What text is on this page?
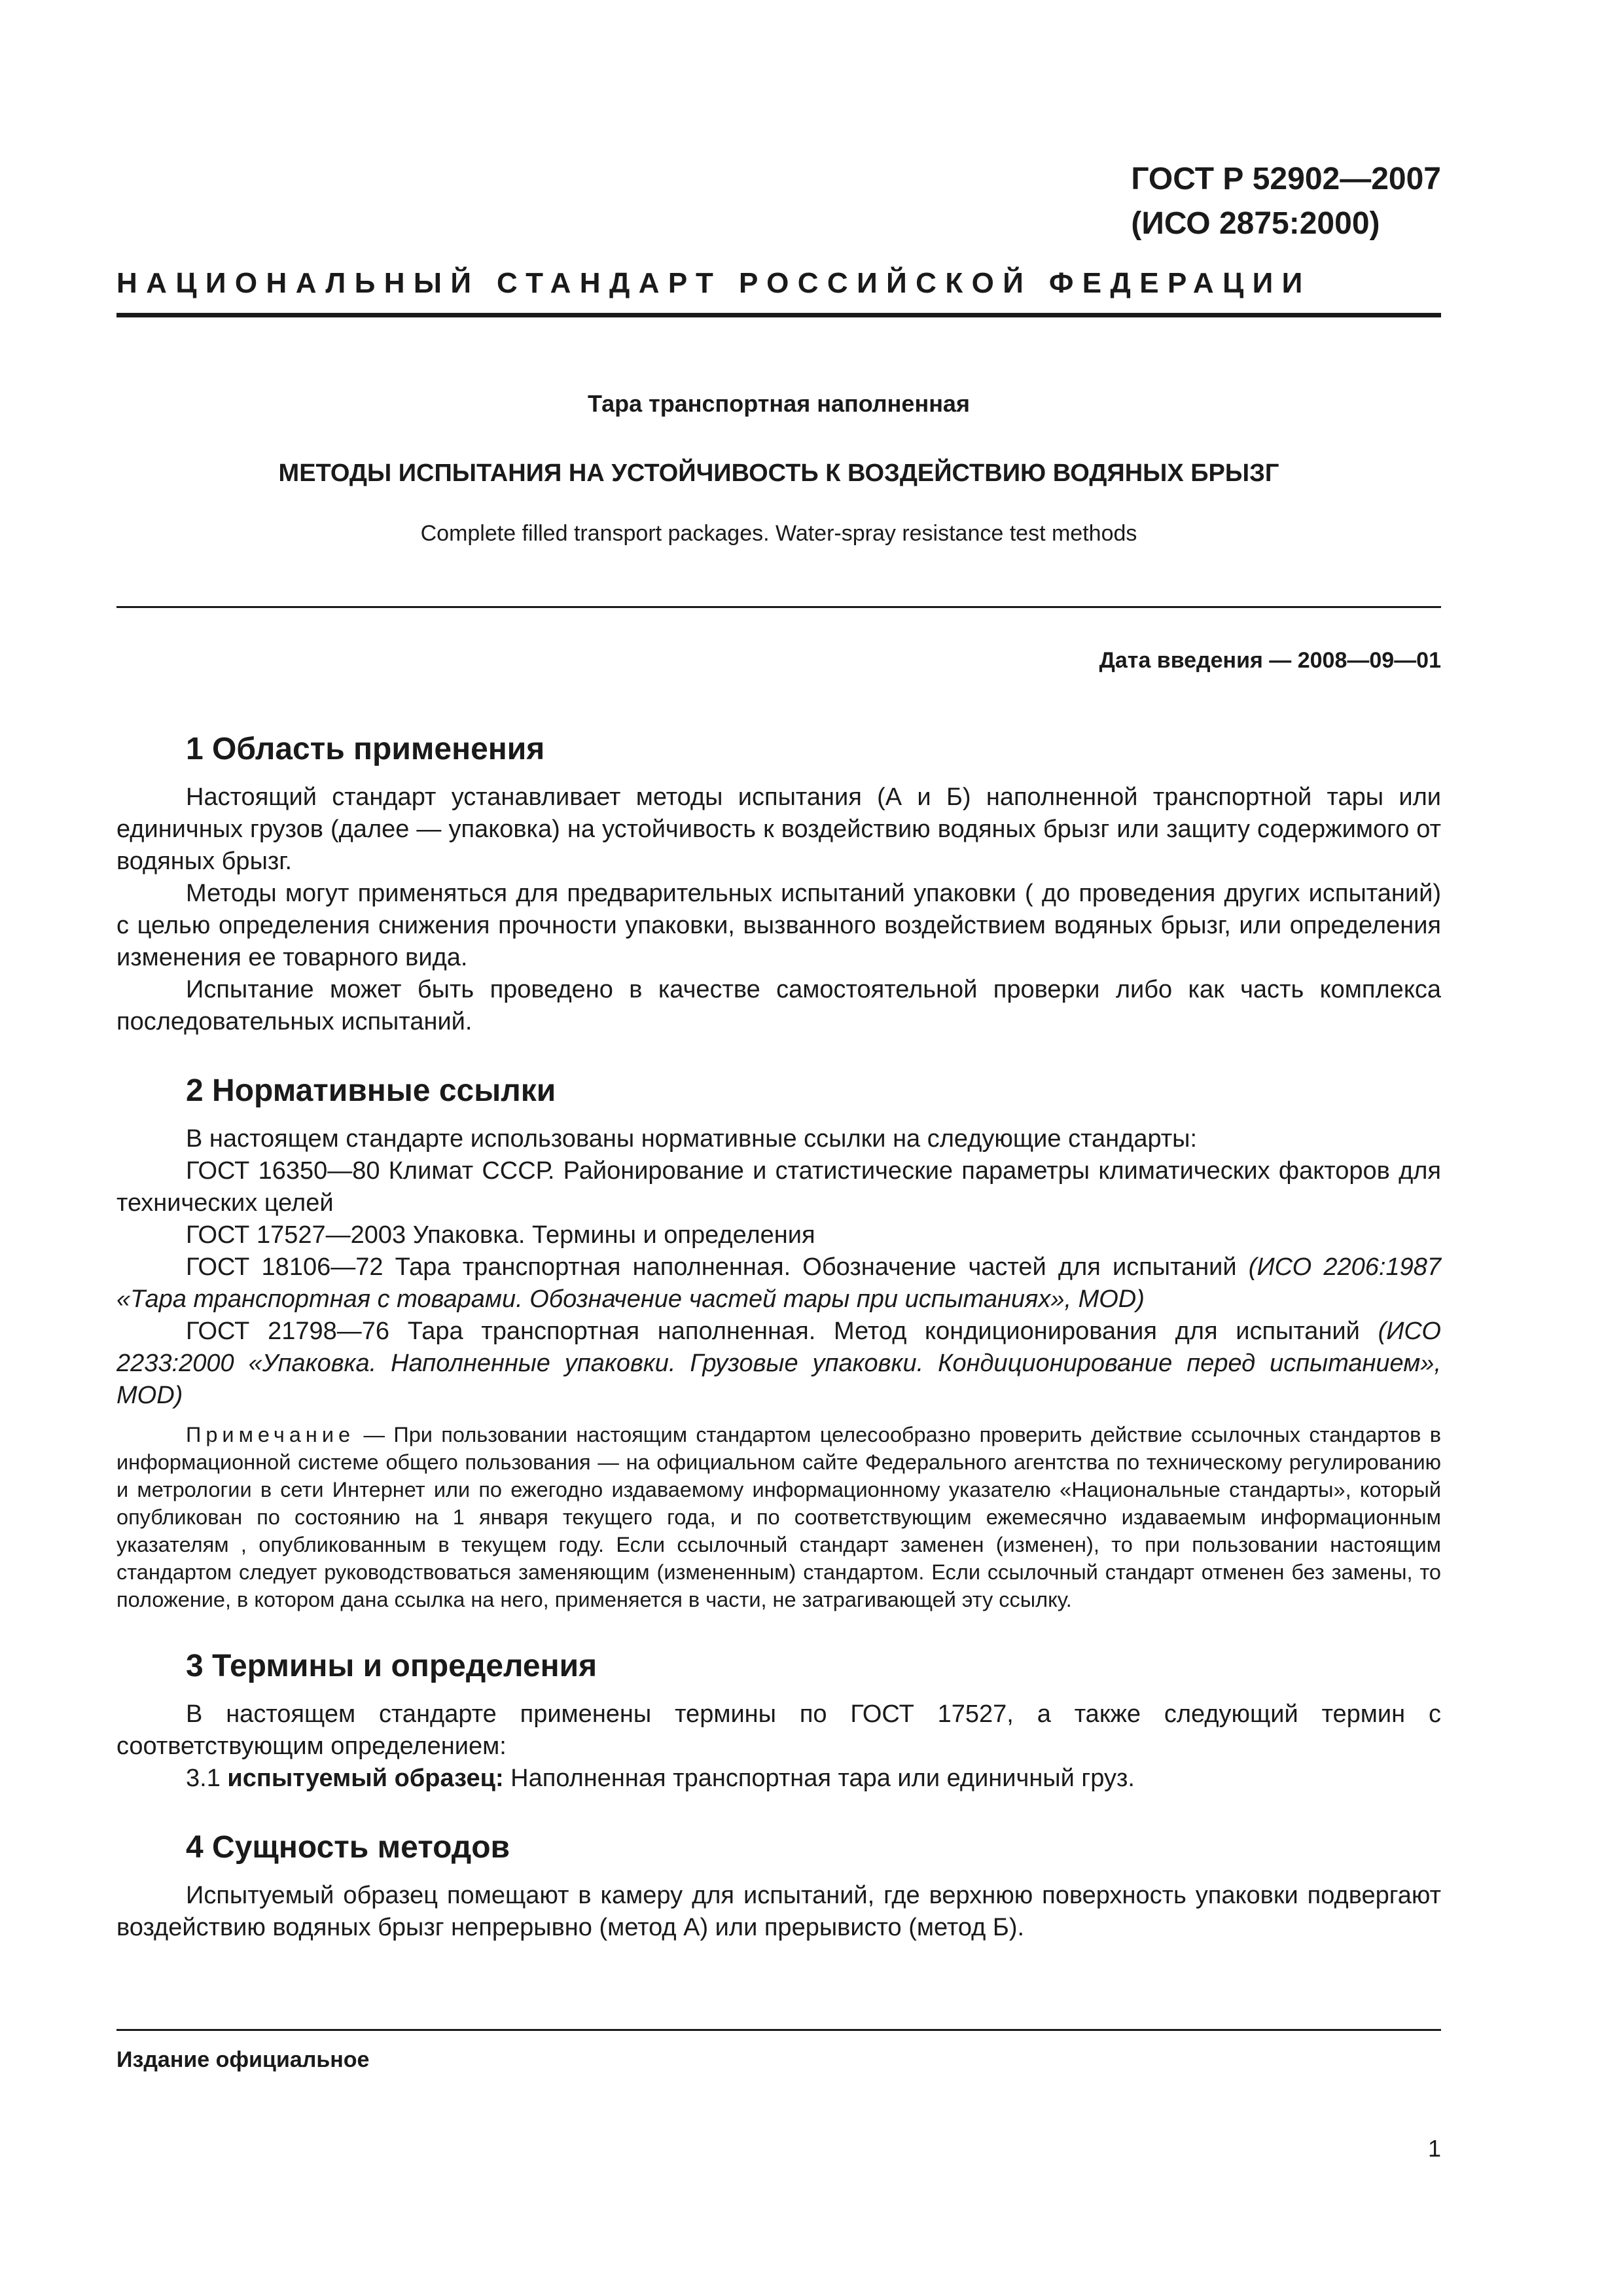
ГОСТ Р 52902—2007
(ИСО 2875:2000)
НАЦИОНАЛЬНЫЙ СТАНДАРТ РОССИЙСКОЙ ФЕДЕРАЦИИ
Тара транспортная наполненная
МЕТОДЫ ИСПЫТАНИЯ НА УСТОЙЧИВОСТЬ К ВОЗДЕЙСТВИЮ ВОДЯНЫХ БРЫЗГ
Complete filled transport packages. Water-spray resistance test methods
Дата введения — 2008—09—01
1 Область применения

Настоящий стандарт устанавливает методы испытания (А и Б) наполненной транспортной тары или единичных грузов (далее — упаковка) на устойчивость к воздействию водяных брызг или защиту содержимого от водяных брызг.

Методы могут применяться для предварительных испытаний упаковки ( до проведения других испытаний) с целью определения снижения прочности упаковки, вызванного воздействием водяных брызг, или определения изменения ее товарного вида.

Испытание может быть проведено в качестве самостоятельной проверки либо как часть комплекса последовательных испытаний.

2 Нормативные ссылки

В настоящем стандарте использованы нормативные ссылки на следующие стандарты:

ГОСТ 16350—80 Климат СССР. Районирование и статистические параметры климатических факторов для технических целей

ГОСТ 17527—2003 Упаковка. Термины и определения

ГОСТ 18106—72 Тара транспортная наполненная. Обозначение частей для испытаний (ИСО 2206:1987 «Тара транспортная с товарами. Обозначение частей тары при испытаниях», MOD)

ГОСТ 21798—76 Тара транспортная наполненная. Метод кондиционирования для испытаний (ИСО 2233:2000 «Упаковка. Наполненные упаковки. Грузовые упаковки. Кондиционирование перед испытанием», MOD)

Примечание — При пользовании настоящим стандартом целесообразно проверить действие ссылочных стандартов в информационной системе общего пользования — на официальном сайте Федерального агентства по техническому регулированию и метрологии в сети Интернет или по ежегодно издаваемому информационному указателю «Национальные стандарты», который опубликован по состоянию на 1 января текущего года, и по соответствующим ежемесячно издаваемым информационным указателям , опубликованным в текущем году. Если ссылочный стандарт заменен (изменен), то при пользовании настоящим стандартом следует руководствоваться заменяющим (измененным) стандартом. Если ссылочный стандарт отменен без замены, то положение, в котором дана ссылка на него, применяется в части, не затрагивающей эту ссылку.

3 Термины и определения

В настоящем стандарте применены термины по ГОСТ 17527, а также следующий термин с соответствующим определением:

3.1 испытуемый образец: Наполненная транспортная тара или единичный груз.

4 Сущность методов

Испытуемый образец помещают в камеру для испытаний, где верхнюю поверхность упаковки подвергают воздействию водяных брызг непрерывно (метод А) или прерывисто (метод Б).

Издание официальное
1
